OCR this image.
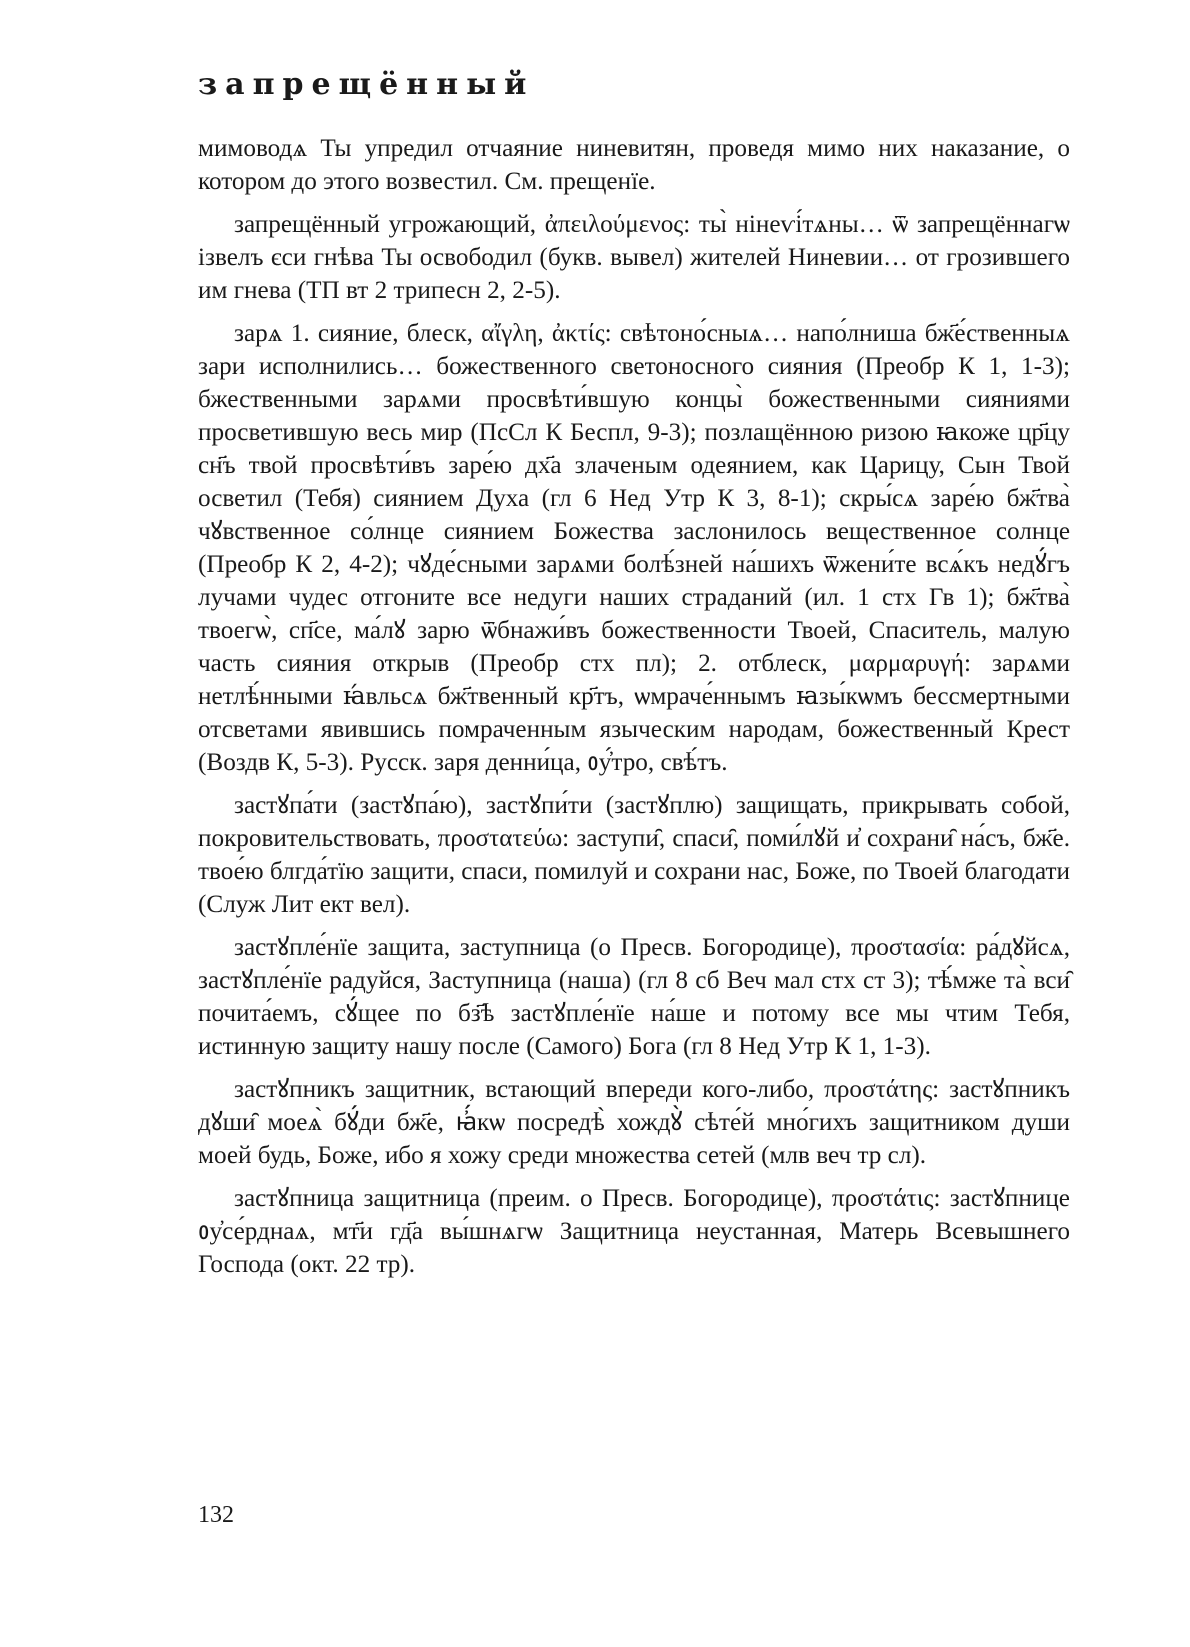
запрещённый

мимоводѧ Ты упредил отчаяние ниневитян, проведя мимо них наказание, о котором до этого возвестил. См. прещенїе.

запрещённый угрожающий, ἀπειλούμενος: ты̀ нінеѵі́тѧны… ѿ запрещённагѡ ізвелъ єси гнѣва Ты освободил (букв. вывел) жителей Ниневии… от грозившего им гнева (ТП вт 2 трипесн 2, 2-5).

зарѧ 1. сияние, блеск, αἴγλη, ἀκτίς: свѣтоно́сныѧ… напо́лниша бж҃е́ственныѧ зари исполнились… божественного светоносного сияния (Преобр К 1, 1-3); бжественными зарѧми просвѣти́вшую концы̀ божественными сияниями просветившую весь мир (ПсСл К Беспл, 9-3); позлащённою ризою ꙗкоже цр҃цу сн҃ъ твой просвѣти́въ заре́ю дх҃а злаченым одеянием, как Царицу, Сын Твой осветил (Тебя) сиянием Духа (гл 6 Нед Утр К 3, 8-1); скры́сѧ заре́ю бж҃тва̀ чꙋвственное со́лнце сиянием Божества заслонилось вещественное солнце (Преобр К 2, 4-2); чꙋде́сными зарѧми болѣ́зней на́шихъ ѿжени́те всѧ́къ недꙋ́гъ лучами чудес отгоните все недуги наших страданий (ил. 1 стх Гв 1); бж҃тва̀ твоегѡ̀, сп҃се, ма́лꙋ зарю ѿбнажи́въ божественности Твоей, Спаситель, малую часть сияния открыв (Преобр стх пл); 2. отблеск, μαρμαρυγή: зарѧми нетлѣ́нными ꙗ́вльсѧ бж҃твенный кр҃тъ, ѡмраче́ннымъ ꙗзы́кѡмъ бессмертными отсветами явившись помраченным языческим народам, божественный Крест (Воздв К, 5-3). Русск. заря денни́ца, ᲂу҆́тро, свѣ́тъ.

застꙋпа́ти (застꙋпа́ю), застꙋпи́ти (застꙋплю) защищать, прикрывать собой, покровительствовать, προστατεύω: заступи̑, спаси̑, поми́лꙋй и҆ сохрани̑ на́съ, бж҃е. твое́ю блгда́тїю защити, спаси, помилуй и сохрани нас, Боже, по Твоей благодати (Служ Лит ект вел).

застꙋпле́нїе защита, заступница (о Пресв. Богородице), προστασία: ра́дꙋйсѧ, застꙋпле́нїе радуйся, Заступница (наша) (гл 8 сб Веч мал стх ст 3); тѣ́мже та̀ вси̑ почита́емъ, сꙋ́щее по бз҃ѣ застꙋпле́нїе на́ше и потому все мы чтим Тебя, истинную защиту нашу после (Самого) Бога (гл 8 Нед Утр К 1, 1-3).

застꙋпникъ защитник, встающий впереди кого-либо, προστάτης: застꙋпникъ дꙋши̑ моеѧ̀ бꙋ́ди бж҃е, ꙗ҆́кѡ посредѣ̀ хождꙋ̀ сѣте́й мно́гихъ защитником души моей будь, Боже, ибо я хожу среди множества сетей (млв веч тр сл).

застꙋпница защитница (преим. о Пресв. Богородице), προστάτις: застꙋпнице ᲂу҆се́рднаѧ, мт҃и гд҃а вы́шнѧгѡ Защитница неустанная, Матерь Всевышнего Господа (окт. 22 тр).

132
